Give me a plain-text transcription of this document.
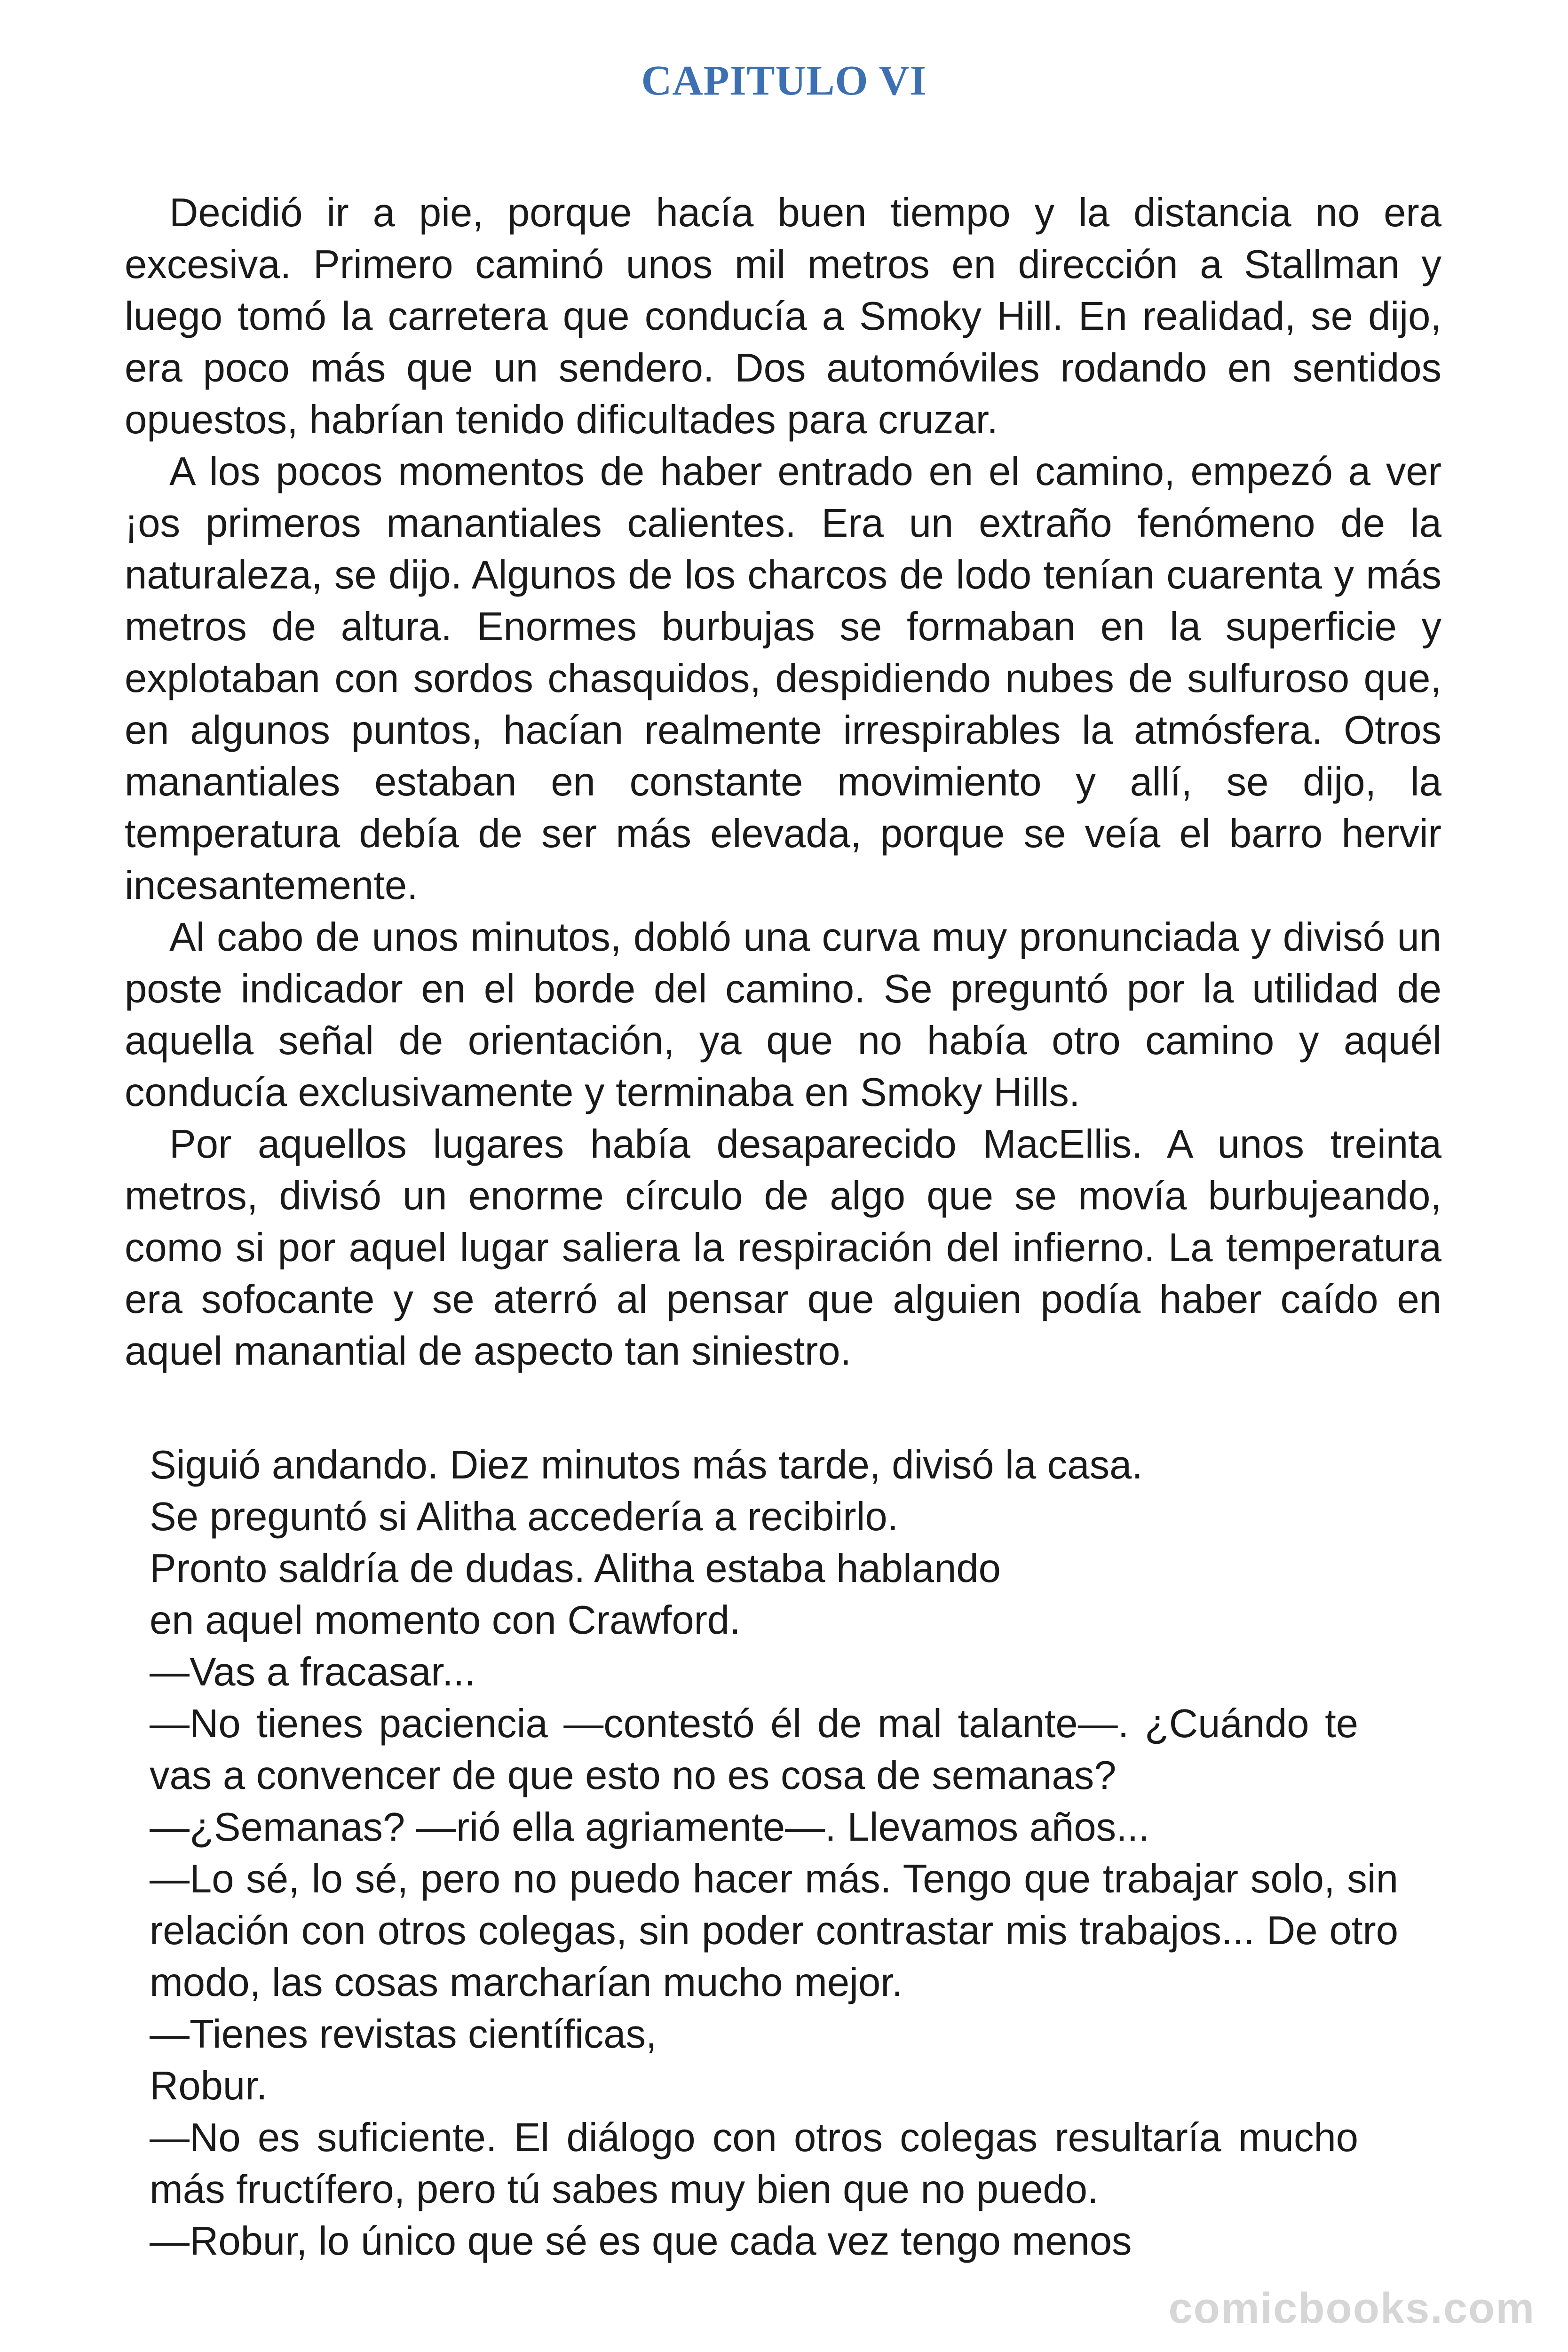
CAPITULO VI

Decidió ir a pie, porque hacía buen tiempo y la distancia no era excesiva. Primero caminó unos mil metros en dirección a Stallman y luego tomó la carretera que conducía a Smoky Hill. En realidad, se dijo, era poco más que un sendero. Dos automóviles rodando en sentidos opuestos, habrían tenido dificultades para cruzar.

A los pocos momentos de haber entrado en el camino, empezó a ver ¡os primeros manantiales calientes. Era un extraño fenómeno de la naturaleza, se dijo. Algunos de los charcos de lodo tenían cuarenta y más metros de altura. Enormes burbujas se formaban en la superficie y explotaban con sordos chasquidos, despidiendo nubes de sulfuroso que, en algunos puntos, hacían realmente irrespirables la atmósfera. Otros manantiales estaban en constante movimiento y allí, se dijo, la temperatura debía de ser más elevada, porque se veía el barro hervir incesantemente.

Al cabo de unos minutos, dobló una curva muy pronunciada y divisó un poste indicador en el borde del camino. Se preguntó por la utilidad de aquella señal de orientación, ya que no había otro camino y aquél conducía exclusivamente y terminaba en Smoky Hills.

Por aquellos lugares había desaparecido MacEllis. A unos treinta metros, divisó un enorme círculo de algo que se movía burbujeando, como si por aquel lugar saliera la respiración del infierno. La temperatura era sofocante y se aterró al pensar que alguien podía haber caído en aquel manantial de aspecto tan siniestro.

Siguió andando. Diez minutos más tarde, divisó la casa.

Se preguntó si Alitha accedería a recibirlo.

Pronto saldría de dudas. Alitha estaba hablando

en aquel momento con Crawford.

—Vas a fracasar...

—No tienes paciencia —contestó él de mal talante—. ¿Cuándo te vas a convencer de que esto no es cosa de semanas?

—¿Semanas? —rió ella agriamente—. Llevamos años...

—Lo sé, lo sé, pero no puedo hacer más. Tengo que trabajar solo, sin relación con otros colegas, sin poder contrastar mis trabajos... De otro modo, las cosas marcharían mucho mejor.

—Tienes revistas científicas,

Robur.

—No es suficiente. El diálogo con otros colegas resultaría mucho más fructífero, pero tú sabes muy bien que no puedo.

—Robur, lo único que sé es que cada vez tengo menos

comicbooks.com
